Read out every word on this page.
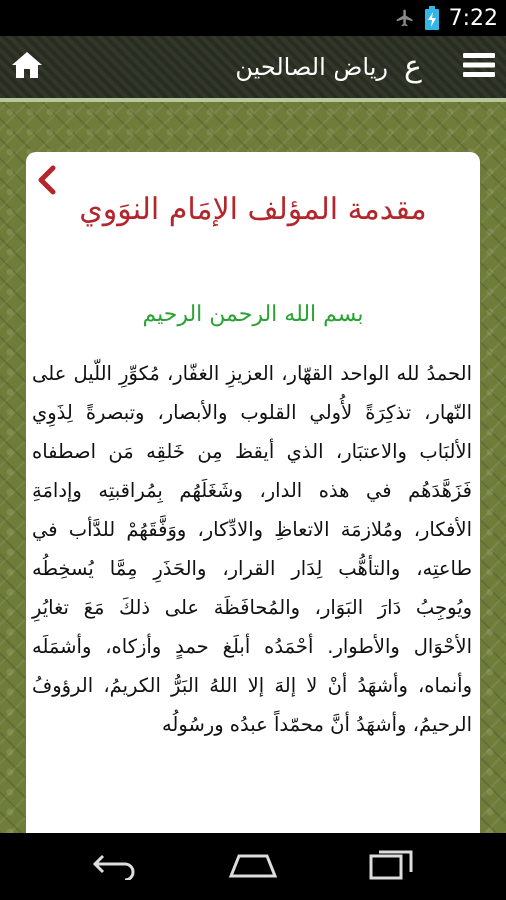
7:22
رياض الصالحين ع
مقدمة المؤلف الإمَام النوَوي
بسم الله الرحمن الرحيم
الحمدُ لله الواحد القهّار، العزيزِ الغفّار، مُكوِّرِ اللّيل على النّهار، تذكِرَةً لأُولي القلوب والأبصار، وتبصرةً لِذَوِي الألبَاب والاعتبَار، الذي أيقظ مِن خَلقِه مَن اصطفاه فَزَهَّدَهُم في هذه الدار، وشَغَلَهُم بِمُراقبتِه وإدامَةِ الأفكار، ومُلازمَة الاتعاظِ والادِّكار، ووَفَّقَهُمْ للدَّأب في طاعتِه، والتأهُّب لِدَار القرار، والحَذَرِ مِمَّا يُسخِطُه ويُوجِبُ دَارَ البَوَار، والمُحافَظَة على ذلكَ مَعَ تغايُرِ الأحْوَال والأطوار. أحْمَدُه أبلَغ حمدٍ وأزكاه، وأشمَلَه وأنماه، وأشهَدُ أنْ لا إلهَ إلا اللهُ البَرُّ الكريمُ، الرؤوفُ الرحيمُ، وأشهَدُ أنَّ محمّداً عبدُه ورسُولُه
